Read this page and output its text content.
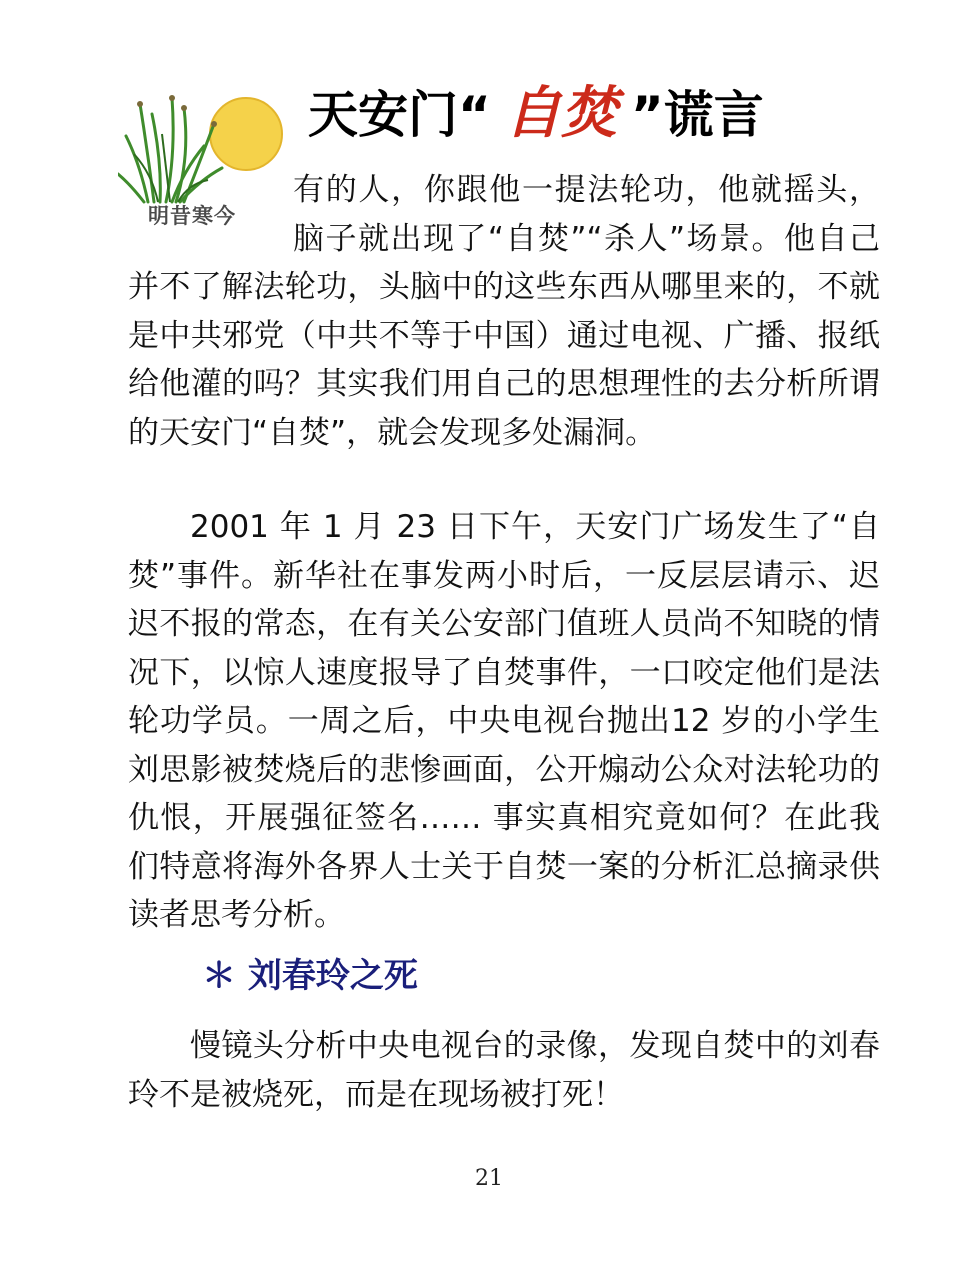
明昔寒今
天安门“ 自焚 ”谎言

有的人，你跟他一提法轮功，他就摇头，脑子就出现了“自焚”“杀人”场景。他自己并不了解法轮功，头脑中的这些东西从哪里来的，不就是中共邪党（中共不等于中国）通过电视、广播、报纸给他灌的吗？其实我们用自己的思想理性的去分析所谓的天安门“自焚”，就会发现多处漏洞。

2001 年 1 月 23 日下午，天安门广场发生了“自焚”事件。新华社在事发两小时后，一反层层请示、迟迟不报的常态，在有关公安部门值班人员尚不知晓的情况下，以惊人速度报导了自焚事件，一口咬定他们是法轮功学员。一周之后，中央电视台抛出12 岁的小学生刘思影被焚烧后的悲惨画面，公开煽动公众对法轮功的仇恨，开展强征签名…… 事实真相究竟如何？在此我们特意将海外各界人士关于自焚一案的分析汇总摘录供读者思考分析。

＊ 刘春玲之死

慢镜头分析中央电视台的录像，发现自焚中的刘春玲不是被烧死，而是在现场被打死！

21
